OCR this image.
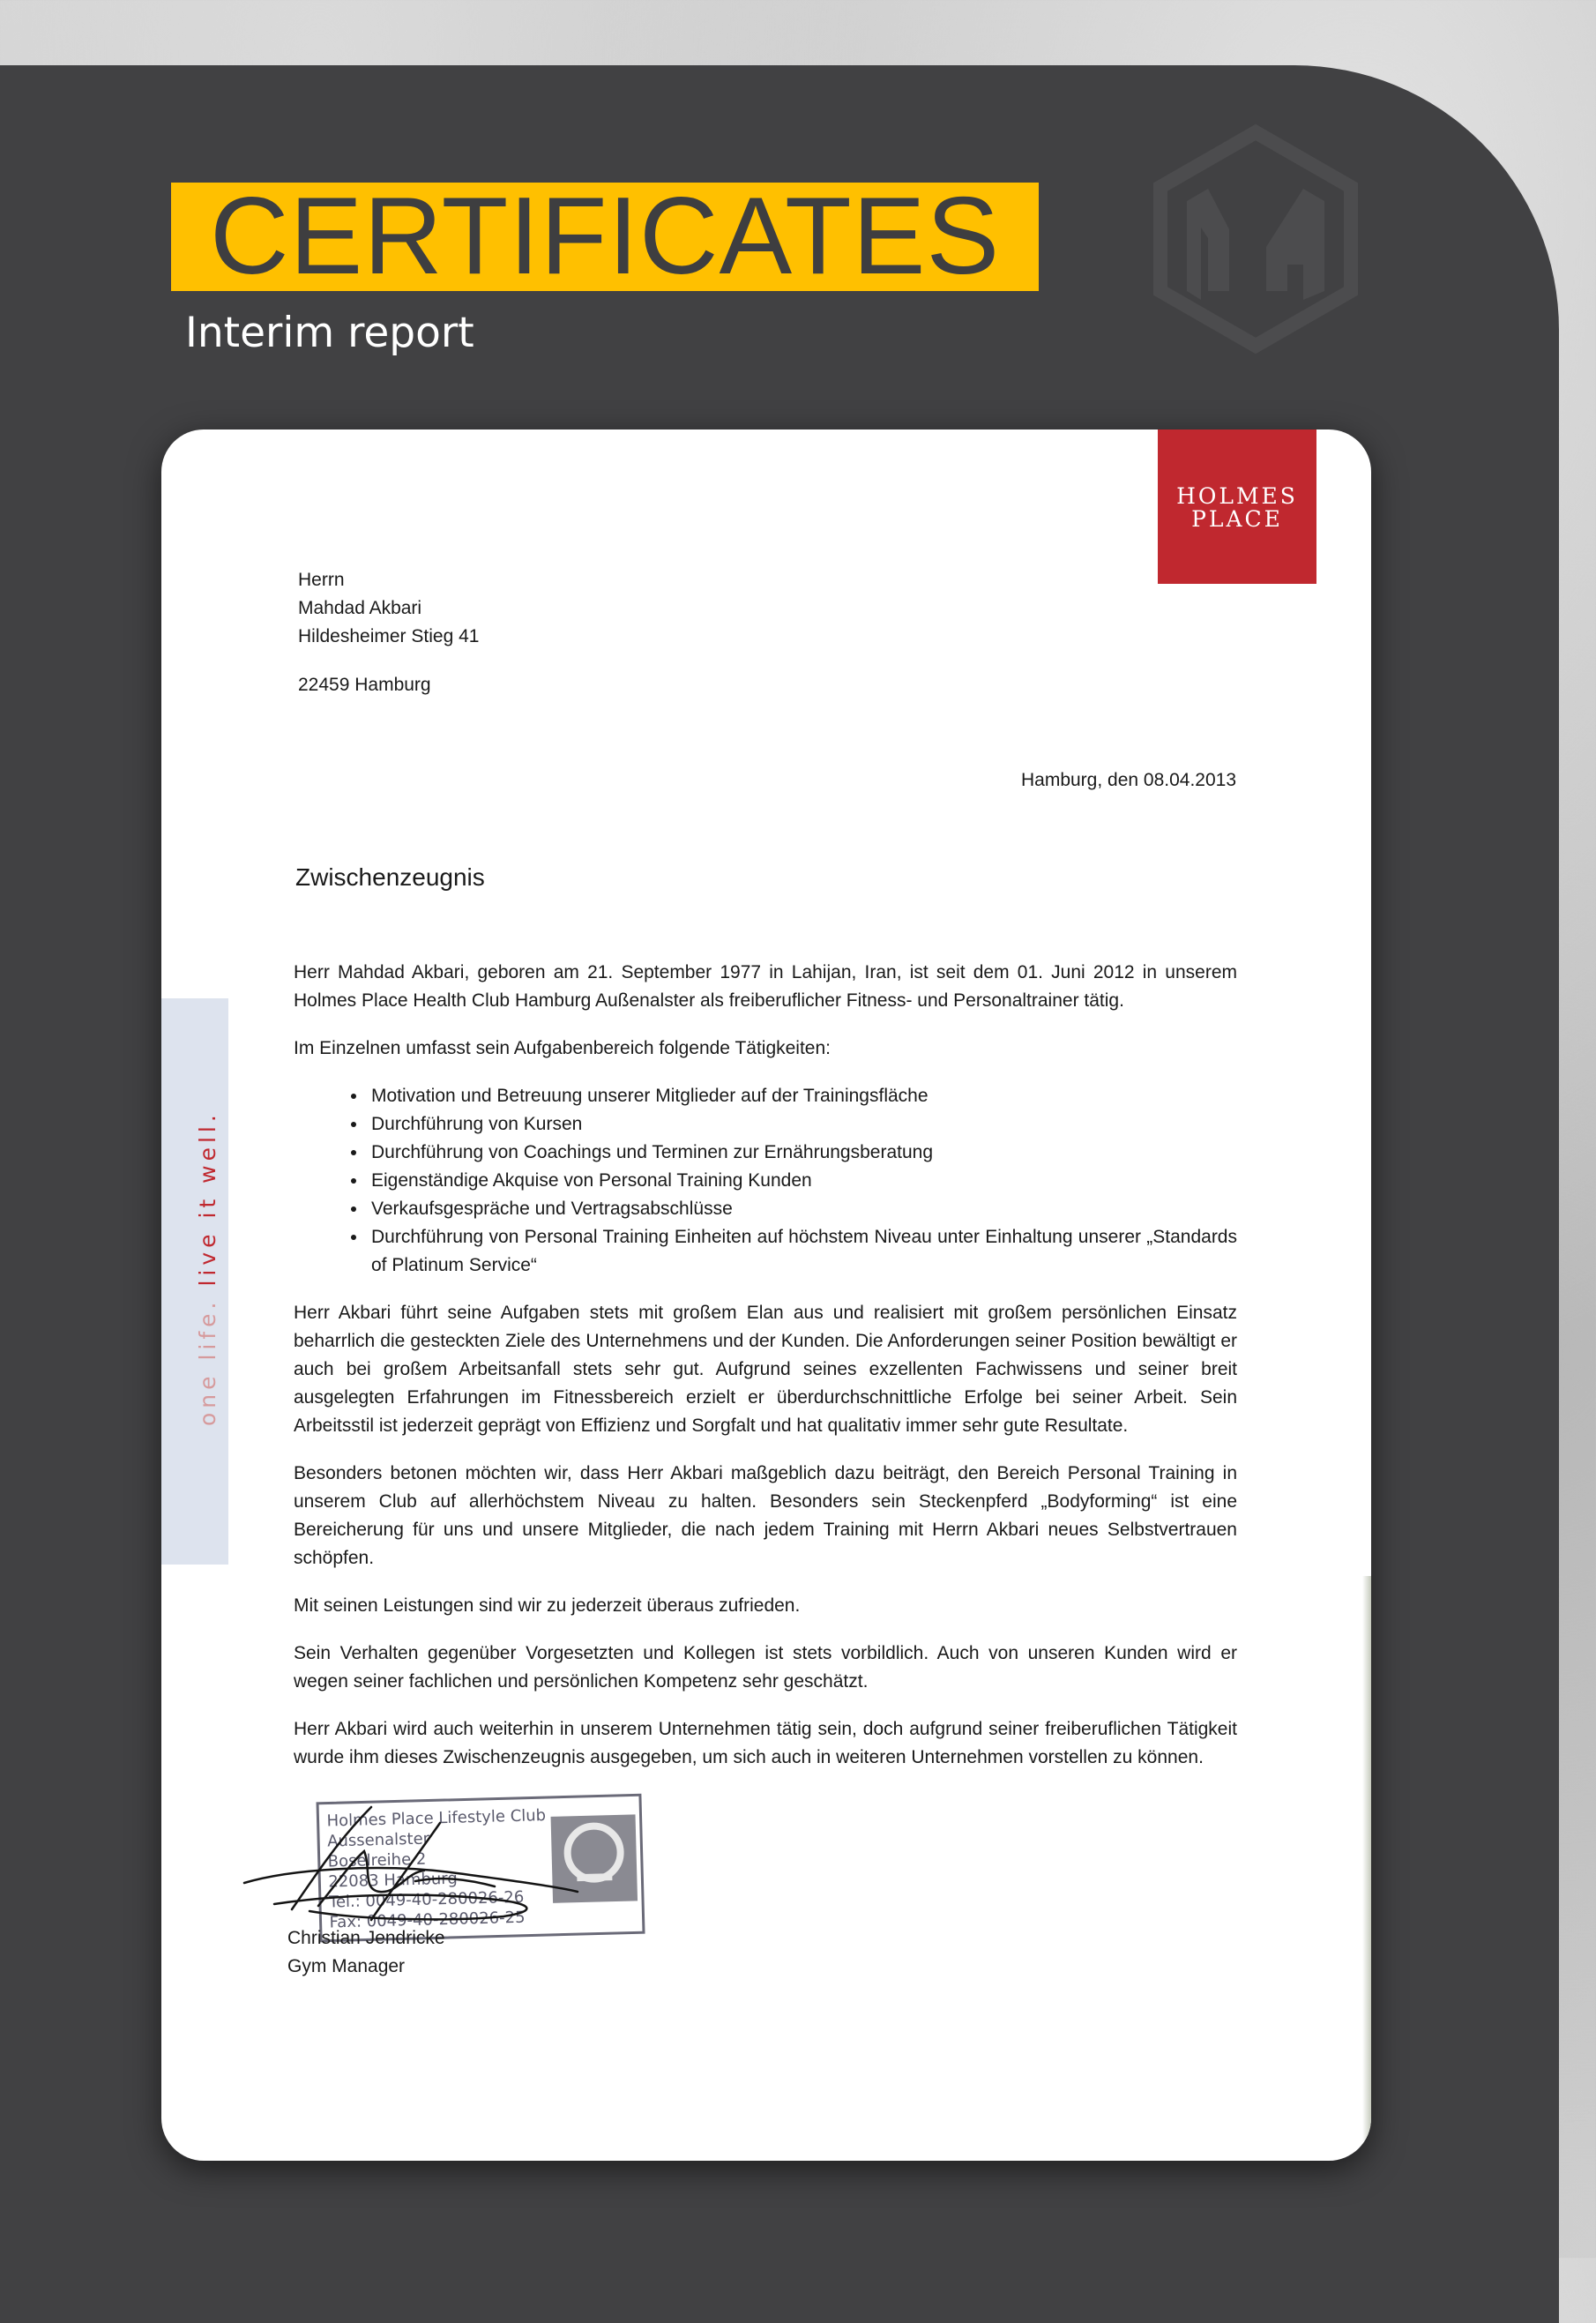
CERTIFICATES
Interim report
HOLMES
PLACE
one life. live it well.
Herrn
Mahdad Akbari
Hildesheimer Stieg 41
22459 Hamburg
Hamburg, den 08.04.2013
Zwischenzeugnis

Herr Mahdad Akbari, geboren am 21. September 1977 in Lahijan, Iran, ist seit dem 01. Juni 2012 in unserem Holmes Place Health Club Hamburg Außenalster als freiberuflicher Fitness- und Personaltrainer tätig.

Im Einzelnen umfasst sein Aufgabenbereich folgende Tätigkeiten:

• Motivation und Betreuung unserer Mitglieder auf der Trainingsfläche
• Durchführung von Kursen
• Durchführung von Coachings und Terminen zur Ernährungsberatung
• Eigenständige Akquise von Personal Training Kunden
• Verkaufsgespräche und Vertragsabschlüsse
• Durchführung von Personal Training Einheiten auf höchstem Niveau unter Einhaltung unserer „Standards of Platinum Service“

Herr Akbari führt seine Aufgaben stets mit großem Elan aus und realisiert mit großem persönlichen Einsatz beharrlich die gesteckten Ziele des Unternehmens und der Kunden. Die Anforderungen seiner Position bewältigt er auch bei großem Arbeitsanfall stets sehr gut. Aufgrund seines exzellenten Fachwissens und seiner breit ausgelegten Erfahrungen im Fitnessbereich erzielt er überdurchschnittliche Erfolge bei seiner Arbeit. Sein Arbeitsstil ist jederzeit geprägt von Effizienz und Sorgfalt und hat qualitativ immer sehr gute Resultate.

Besonders betonen möchten wir, dass Herr Akbari maßgeblich dazu beiträgt, den Bereich Personal Training in unserem Club auf allerhöchstem Niveau zu halten. Besonders sein Steckenpferd „Bodyforming“ ist eine Bereicherung für uns und unsere Mitglieder, die nach jedem Training mit Herrn Akbari neues Selbstvertrauen schöpfen.

Mit seinen Leistungen sind wir zu jederzeit überaus zufrieden.

Sein Verhalten gegenüber Vorgesetzten und Kollegen ist stets vorbildlich. Auch von unseren Kunden wird er wegen seiner fachlichen und persönlichen Kompetenz sehr geschätzt.

Herr Akbari wird auch weiterhin in unserem Unternehmen tätig sein, doch aufgrund seiner freiberuflichen Tätigkeit wurde ihm dieses Zwischenzeugnis ausgegeben, um sich auch in weiteren Unternehmen vorstellen zu können.

Holmes Place Lifestyle Club
Aussenalster
Boselreihe 2
22083 Hamburg
Tel.: 0049-40-280026-26
Fax: 0049-40-280026-25
Christian Jendricke
Gym Manager
